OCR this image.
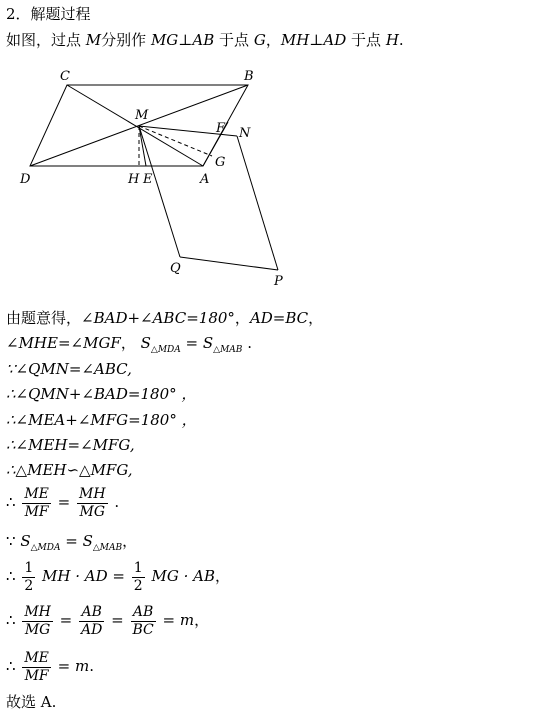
2．解题过程
如图，过点 M分别作 MG⊥AB 于点 G，MH⊥AD 于点 H.
C	B
M
F N
G
D	H E	A
Q
P
由题意得，∠BAD+∠ABC=180°，AD=BC，
∠MHE=∠MGF， $S_{\triangle MDA} = S_{\triangle MAB}$ .
∵∠QMN=∠ABC,
∴∠QMN+∠BAD=180° ，
∴∠MEA+∠MFG=180° ，
∴∠MEH=∠MFG,
∴△MEH∽△MFG,
∴ $\frac{ME}{MF} = \frac{MH}{MG}$ .
∵ $S_{\triangle MDA} = S_{\triangle MAB}$，
∴ $\frac{1}{2}$ MH · AD = $\frac{1}{2}$ MG · AB，
∴ $\frac{MH}{MG} = \frac{AB}{AD} = \frac{AB}{BC} = m$，
∴ $\frac{ME}{MF} = m$.
故选 A.
